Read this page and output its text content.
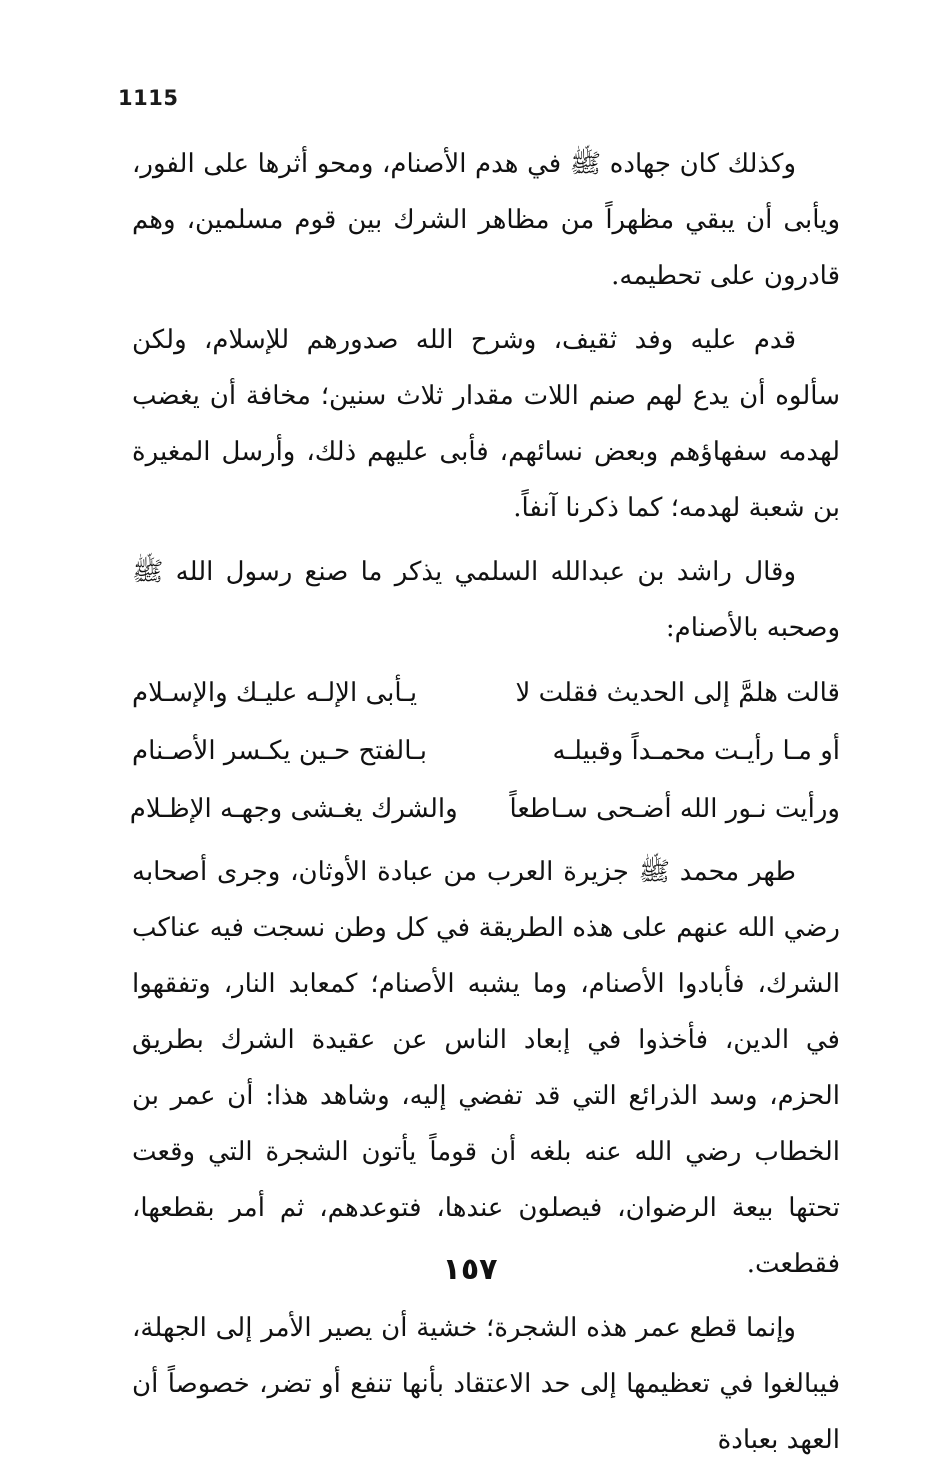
1115

وكذلك كان جهاده ﷺ في هدم الأصنام، ومحو أثرها على الفور، ويأبى أن يبقي مظهراً من مظاهر الشرك بين قوم مسلمين، وهم قادرون على تحطيمه.

قدم عليه وفد ثقيف، وشرح الله صدورهم للإسلام، ولكن سألوه أن يدع لهم صنم اللات مقدار ثلاث سنين؛ مخافة أن يغضب لهدمه سفهاؤهم وبعض نسائهم، فأبى عليهم ذلك، وأرسل المغيرة بن شعبة لهدمه؛ كما ذكرنا آنفاً.

وقال راشد بن عبدالله السلمي يذكر ما صنع رسول الله ﷺ وصحبه بالأصنام:

قالت هلمَّ إلى الحديث فقلت لا
يـأبى الإلـه عليـك والإسـلام
أو مـا رأيـت محمـداً وقبيلـه
بـالفتح حـين يكـسر الأصـنام
ورأيت نـور الله أضـحى سـاطعاً
والشرك يغـشى وجهـه الإظـلام

طهر محمد ﷺ جزيرة العرب من عبادة الأوثان، وجرى أصحابه رضي الله عنهم على هذه الطريقة في كل وطن نسجت فيه عناكب الشرك، فأبادوا الأصنام، وما يشبه الأصنام؛ كمعابد النار، وتفقهوا في الدين، فأخذوا في إبعاد الناس عن عقيدة الشرك بطريق الحزم، وسد الذرائع التي قد تفضي إليه، وشاهد هذا: أن عمر بن الخطاب رضي الله عنه بلغه أن قوماً يأتون الشجرة التي وقعت تحتها بيعة الرضوان، فيصلون عندها، فتوعدهم، ثم أمر بقطعها، فقطعت.

وإنما قطع عمر هذه الشجرة؛ خشية أن يصير الأمر إلى الجهلة، فيبالغوا في تعظيمها إلى حد الاعتقاد بأنها تنفع أو تضر، خصوصاً أن العهد بعبادة

١٥٧
